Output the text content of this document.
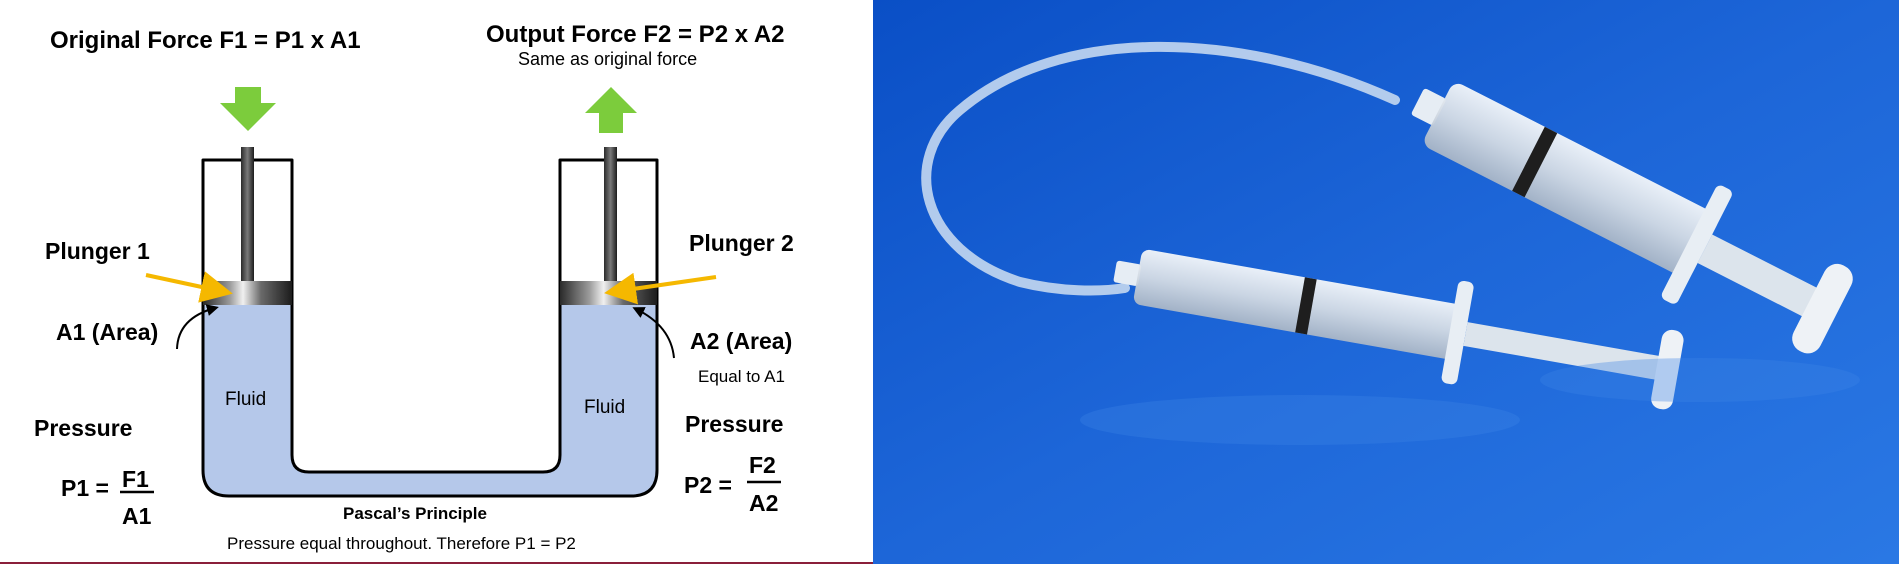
Original Force F1 = P1 x A1	Output Force F2 = P2 x A2
Same as original force
Plunger 1	Plunger 2
A1 (Area)	A2 (Area)
Equal to A1
Fluid	Fluid
Pressure	Pressure
P1 = F1
A1
P2 =
F2
A2
Pascal’s Principle
Pressure equal throughout. Therefore P1 = P2
